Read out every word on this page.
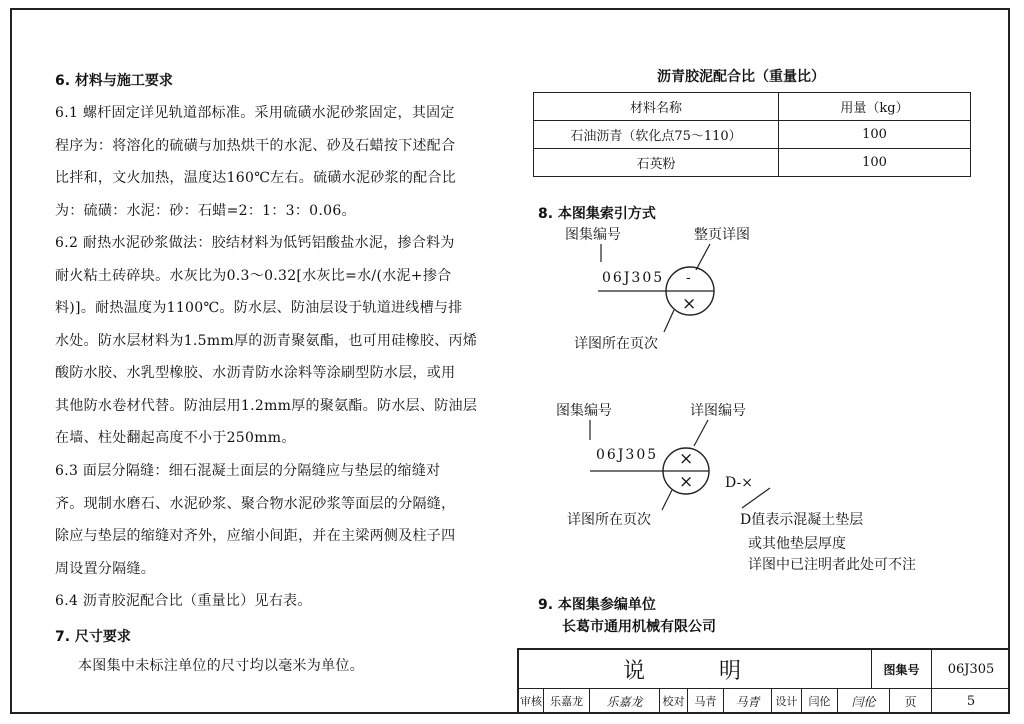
6. 材料与施工要求
6.1 螺杆固定详见轨道部标准。采用硫磺水泥砂浆固定，其固定
程序为：将溶化的硫磺与加热烘干的水泥、砂及石蜡按下述配合
比拌和，文火加热，温度达160℃左右。硫磺水泥砂浆的配合比
为：硫磺：水泥：砂：石蜡=2：1：3：0.06。
6.2 耐热水泥砂浆做法：胶结材料为低钙铝酸盐水泥，掺合料为
耐火粘土砖碎块。水灰比为0.3～0.32[水灰比=水/(水泥+掺合
料)]。耐热温度为1100℃。防水层、防油层设于轨道进线槽与排
水处。防水层材料为1.5mm厚的沥青聚氨酯，也可用硅橡胶、丙烯
酸防水胶、水乳型橡胶、水沥青防水涂料等涂刷型防水层，或用
其他防水卷材代替。防油层用1.2mm厚的聚氨酯。防水层、防油层
在墙、柱处翻起高度不小于250mm。
6.3 面层分隔缝：细石混凝土面层的分隔缝应与垫层的缩缝对
齐。现制水磨石、水泥砂浆、聚合物水泥砂浆等面层的分隔缝，
除应与垫层的缩缝对齐外，应缩小间距，并在主梁两侧及柱子四
周设置分隔缝。
6.4 沥青胶泥配合比（重量比）见右表。
7. 尺寸要求
本图集中未标注单位的尺寸均以毫米为单位。
沥青胶泥配合比（重量比）
材料名称	用量（kg）
石油沥青（软化点75～110）	100
石英粉	100
8. 本图集索引方式
图集编号	整页详图
06J305 -
×
详图所在页次
图集编号	详图编号
06J305 ×
× D-×
详图所在页次	D值表示混凝土垫层
或其他垫层厚度
详图中已注明者此处可不注
9. 本图集参编单位
长葛市通用机械有限公司
说　明	图集号	06J305
审核 乐嘉龙	乐嘉龙	校对 马青	马青	设计	闫伦	闫伦	页	5
